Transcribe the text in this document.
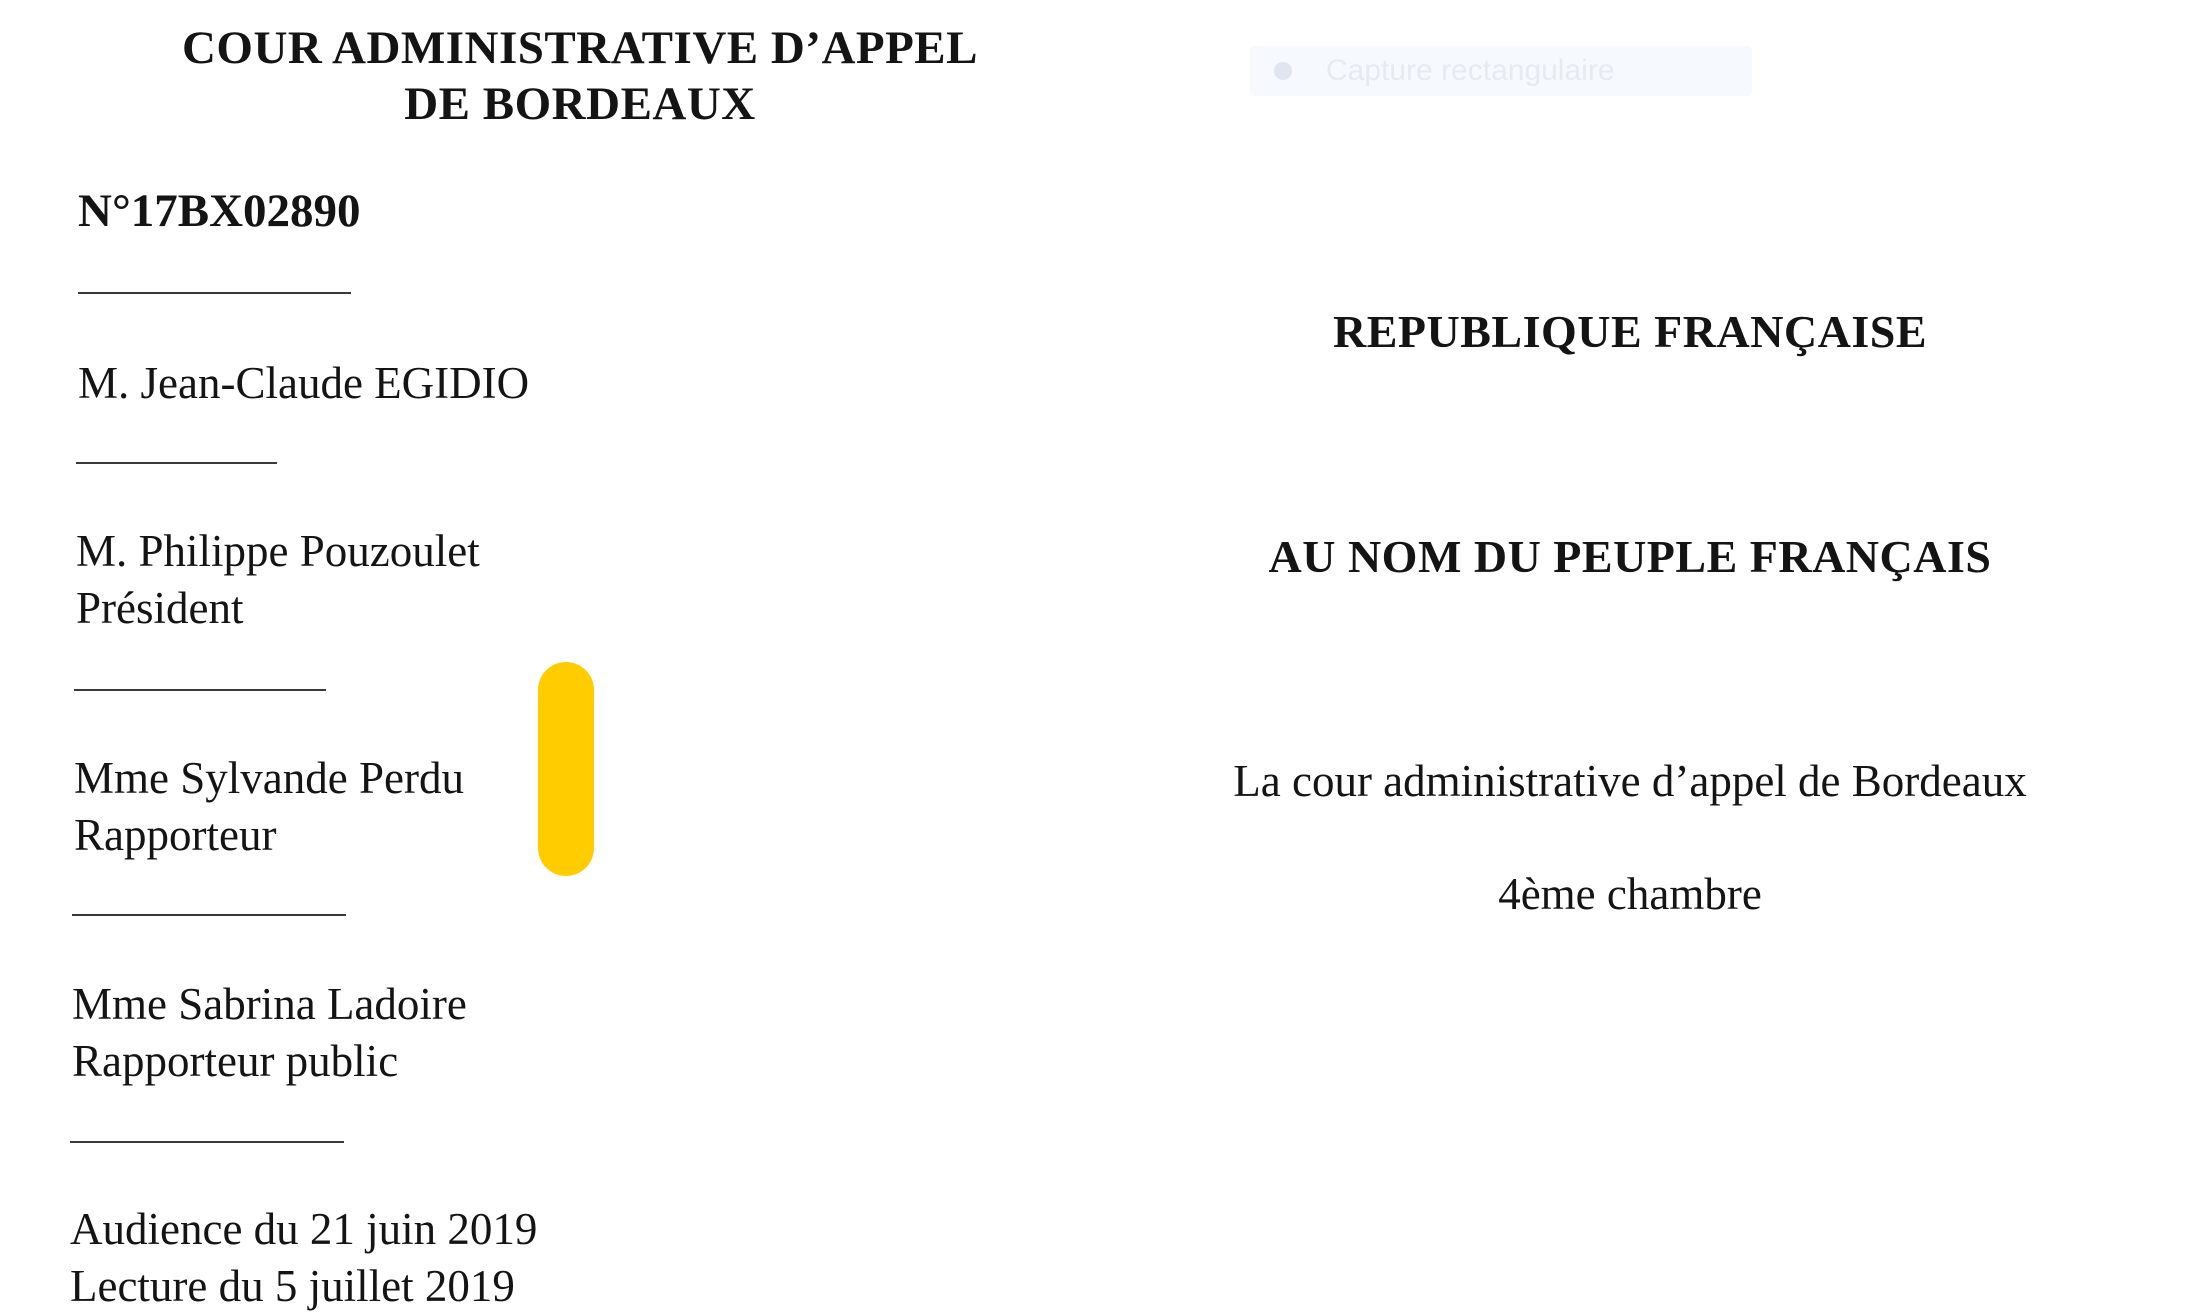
COUR ADMINISTRATIVE D’APPEL
DE BORDEAUX
N°17BX02890
M. Jean-Claude EGIDIO
M. Philippe Pouzoulet
Président
Mme Sylvande Perdu
Rapporteur
Mme Sabrina Ladoire
Rapporteur public
Audience du 21 juin 2019
Lecture du 5 juillet 2019
REPUBLIQUE FRANÇAISE
AU NOM DU PEUPLE FRANÇAIS
La cour administrative d’appel de Bordeaux
4ème chambre
Capture rectangulaire
